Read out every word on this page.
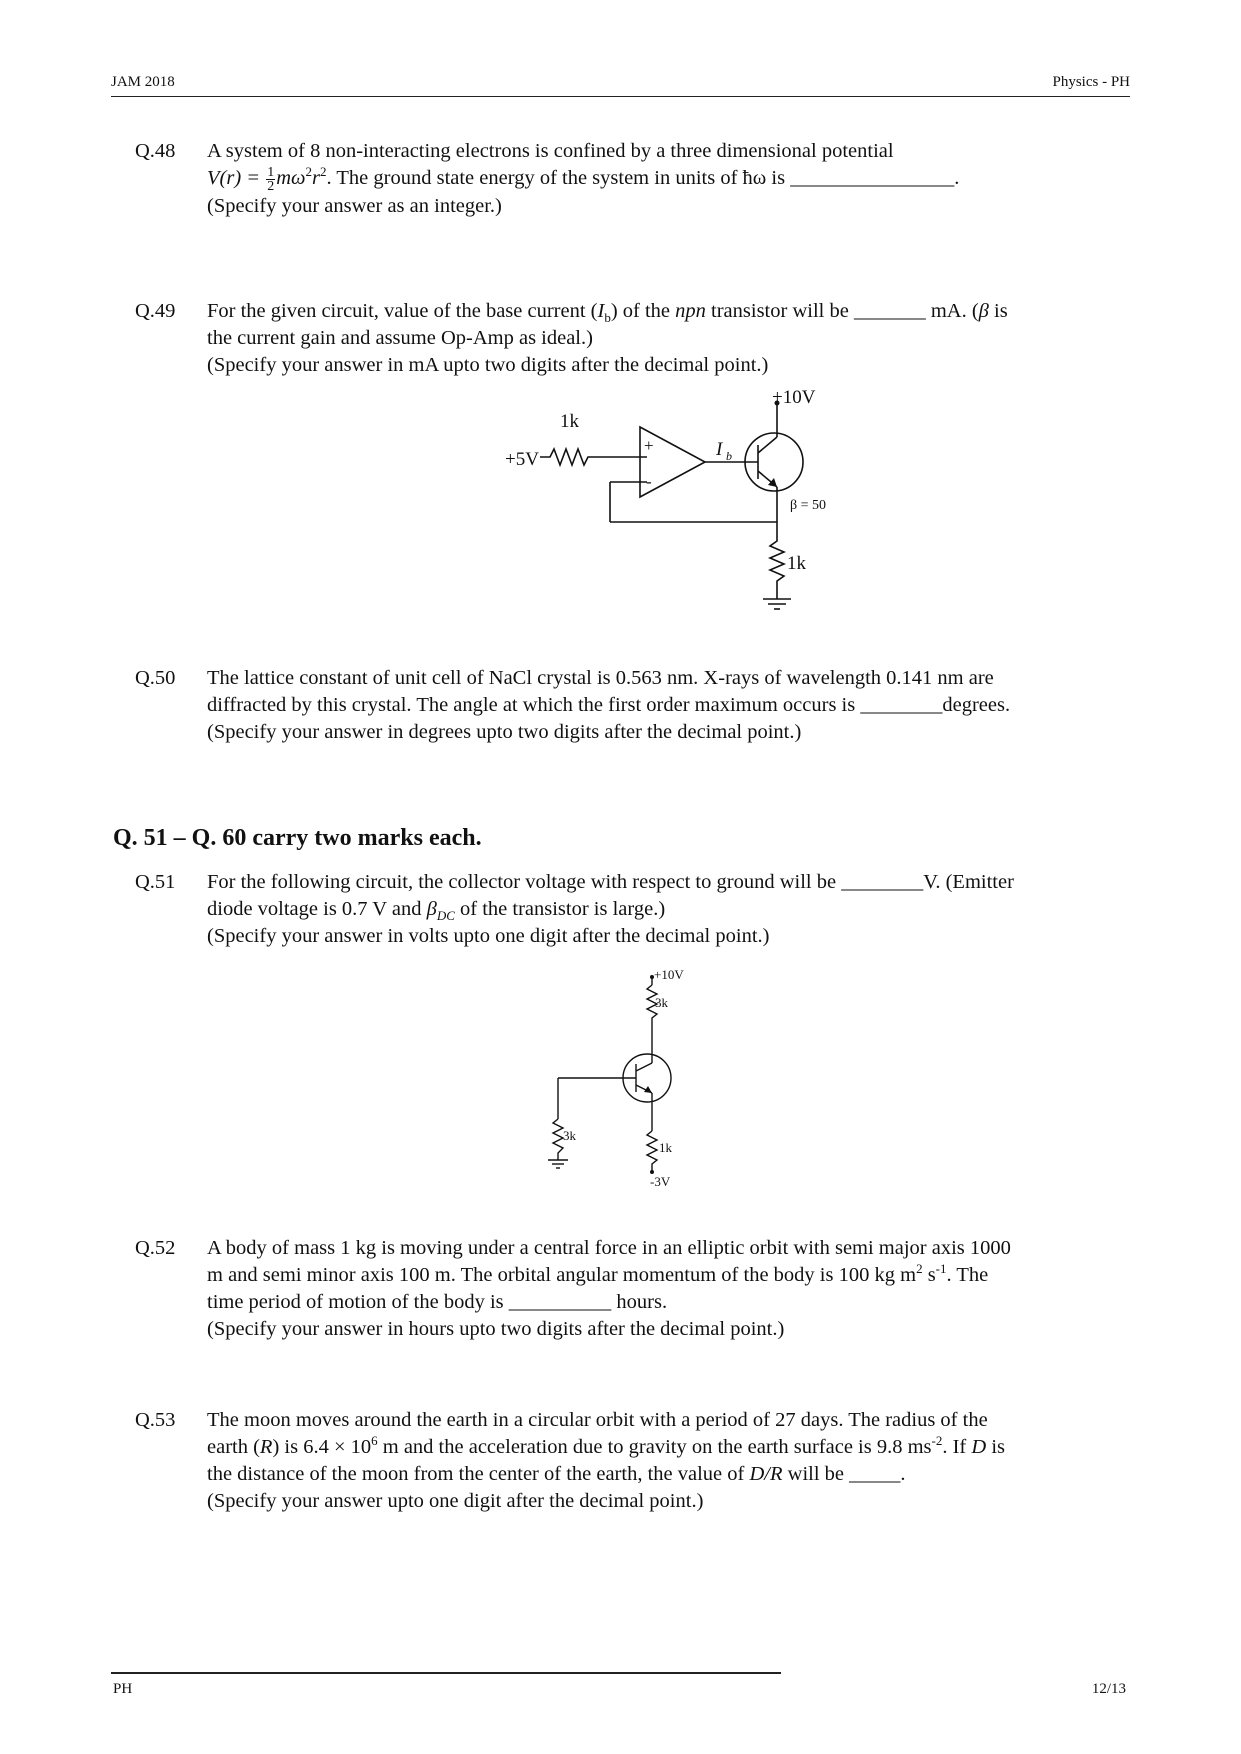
JAM 2018	Physics - PH
Q.48 A system of 8 non-interacting electrons is confined by a three dimensional potential

$V(r) = \frac{1}{2} m\omega^2r^2$. The ground state energy of the system in units of ħω is ________________.

(Specify your answer as an integer.)

Q.49 For the given circuit, value of the base current $(I_b)$ of the npn transistor will be _______ mA. (β is

the current gain and assume Op-Amp as ideal.)

(Specify your answer in mA upto two digits after the decimal point.)

+10V
1k
+5V
+
-
I b
β = 50
1k
Q.50 The lattice constant of unit cell of NaCl crystal is 0.563 nm. X-rays of wavelength 0.141 nm are

diffracted by this crystal. The angle at which the first order maximum occurs is ________degrees.

(Specify your answer in degrees upto two digits after the decimal point.)

Q. 51 – Q. 60 carry two marks each.
Q.51 For the following circuit, the collector voltage with respect to ground will be ________V. (Emitter

diode voltage is 0.7 V and $\beta_{DC}$ of the transistor is large.)

(Specify your answer in volts upto one digit after the decimal point.)

+10V
3k
3k
1k
-3V
Q.52 A body of mass 1 kg is moving under a central force in an elliptic orbit with semi major axis 1000

m and semi minor axis 100 m. The orbital angular momentum of the body is 100 kg $m^2$ $s^{-1}$. The

time period of motion of the body is __________ hours.

(Specify your answer in hours upto two digits after the decimal point.)

Q.53 The moon moves around the earth in a circular orbit with a period of 27 days. The radius of the

earth (R) is $6.4 \times 10^6$ m and the acceleration due to gravity on the earth surface is 9.8 $ms^{-2}$. If D is

the distance of the moon from the center of the earth, the value of D/R will be _____.

(Specify your answer upto one digit after the decimal point.)

PH	12/13
